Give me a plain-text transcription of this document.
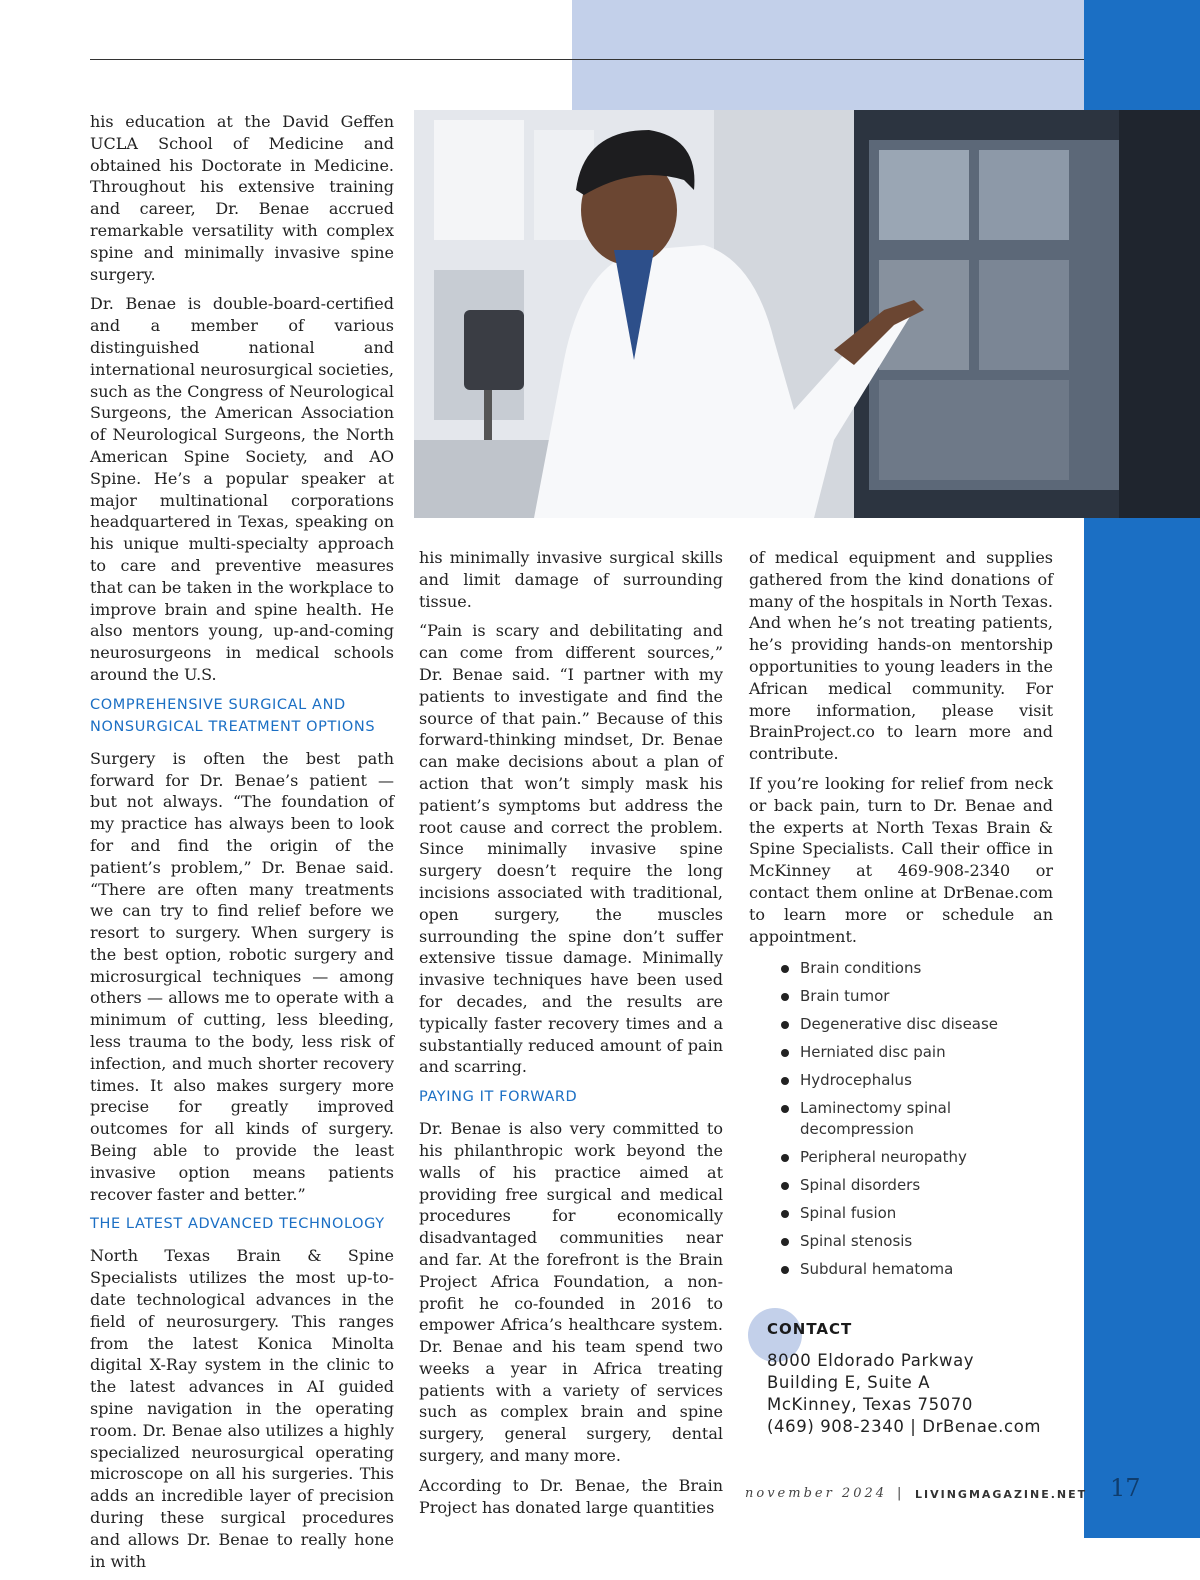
his education at the David Geffen UCLA School of Medicine and obtained his Doctorate in Medicine. Throughout his extensive training and career, Dr. Benae accrued remarkable versatility with complex spine and minimally invasive spine surgery.

Dr. Benae is double-board-certified and a member of various distinguished national and international neurosurgical societies, such as the Congress of Neurological Surgeons, the American Association of Neurological Surgeons, the North American Spine Society, and AO Spine. He’s a popular speaker at major multinational corporations headquartered in Texas, speaking on his unique multi-specialty approach to care and preventive measures that can be taken in the workplace to improve brain and spine health. He also mentors young, up-and-coming neurosurgeons in medical schools around the U.S.

COMPREHENSIVE SURGICAL AND NONSURGICAL TREATMENT OPTIONS

Surgery is often the best path forward for Dr. Benae’s patient — but not always. “The foundation of my practice has always been to look for and find the origin of the patient’s problem,” Dr. Benae said. “There are often many treatments we can try to find relief before we resort to surgery. When surgery is the best option, robotic surgery and microsurgical techniques — among others — allows me to operate with a minimum of cutting, less bleeding, less trauma to the body, less risk of infection, and much shorter recovery times. It also makes surgery more precise for greatly improved outcomes for all kinds of surgery. Being able to provide the least invasive option means patients recover faster and better.”

THE LATEST ADVANCED TECHNOLOGY

North Texas Brain & Spine Specialists utilizes the most up-to-date technological advances in the field of neurosurgery. This ranges from the latest Konica Minolta digital X-Ray system in the clinic to the latest advances in AI guided spine navigation in the operating room. Dr. Benae also utilizes a highly specialized neurosurgical operating microscope on all his surgeries. This adds an incredible layer of precision during these surgical procedures and allows Dr. Benae to really hone in with

his minimally invasive surgical skills and limit damage of surrounding tissue.

“Pain is scary and debilitating and can come from different sources,” Dr. Benae said. “I partner with my patients to investigate and find the source of that pain.” Because of this forward-thinking mindset, Dr. Benae can make decisions about a plan of action that won’t simply mask his patient’s symptoms but address the root cause and correct the problem. Since minimally invasive spine surgery doesn’t require the long incisions associated with traditional, open surgery, the muscles surrounding the spine don’t suffer extensive tissue damage. Minimally invasive techniques have been used for decades, and the results are typically faster recovery times and a substantially reduced amount of pain and scarring.

PAYING IT FORWARD

Dr. Benae is also very committed to his philanthropic work beyond the walls of his practice aimed at providing free surgical and medical procedures for economically disadvantaged communities near and far. At the forefront is the Brain Project Africa Foundation, a non-profit he co-founded in 2016 to empower Africa’s healthcare system. Dr. Benae and his team spend two weeks a year in Africa treating patients with a variety of services such as complex brain and spine surgery, general surgery, dental surgery, and many more.

According to Dr. Benae, the Brain Project has donated large quantities

of medical equipment and supplies gathered from the kind donations of many of the hospitals in North Texas. And when he’s not treating patients, he’s providing hands-on mentorship opportunities to young leaders in the African medical community. For more information, please visit BrainProject.co to learn more and contribute.

If you’re looking for relief from neck or back pain, turn to Dr. Benae and the experts at North Texas Brain & Spine Specialists. Call their office in McKinney at 469-908-2340 or contact them online at DrBenae.com to learn more or schedule an appointment.

Brain conditions
Brain tumor
Degenerative disc disease
Herniated disc pain
Hydrocephalus
Laminectomy spinal decompression
Peripheral neuropathy
Spinal disorders
Spinal fusion
Spinal stenosis
Subdural hematoma
CONTACT
8000 Eldorado Parkway
Building E, Suite A
McKinney, Texas 75070
(469) 908-2340 | DrBenae.com
november 2024 | LIVINGMAGAZINE.NET 17
